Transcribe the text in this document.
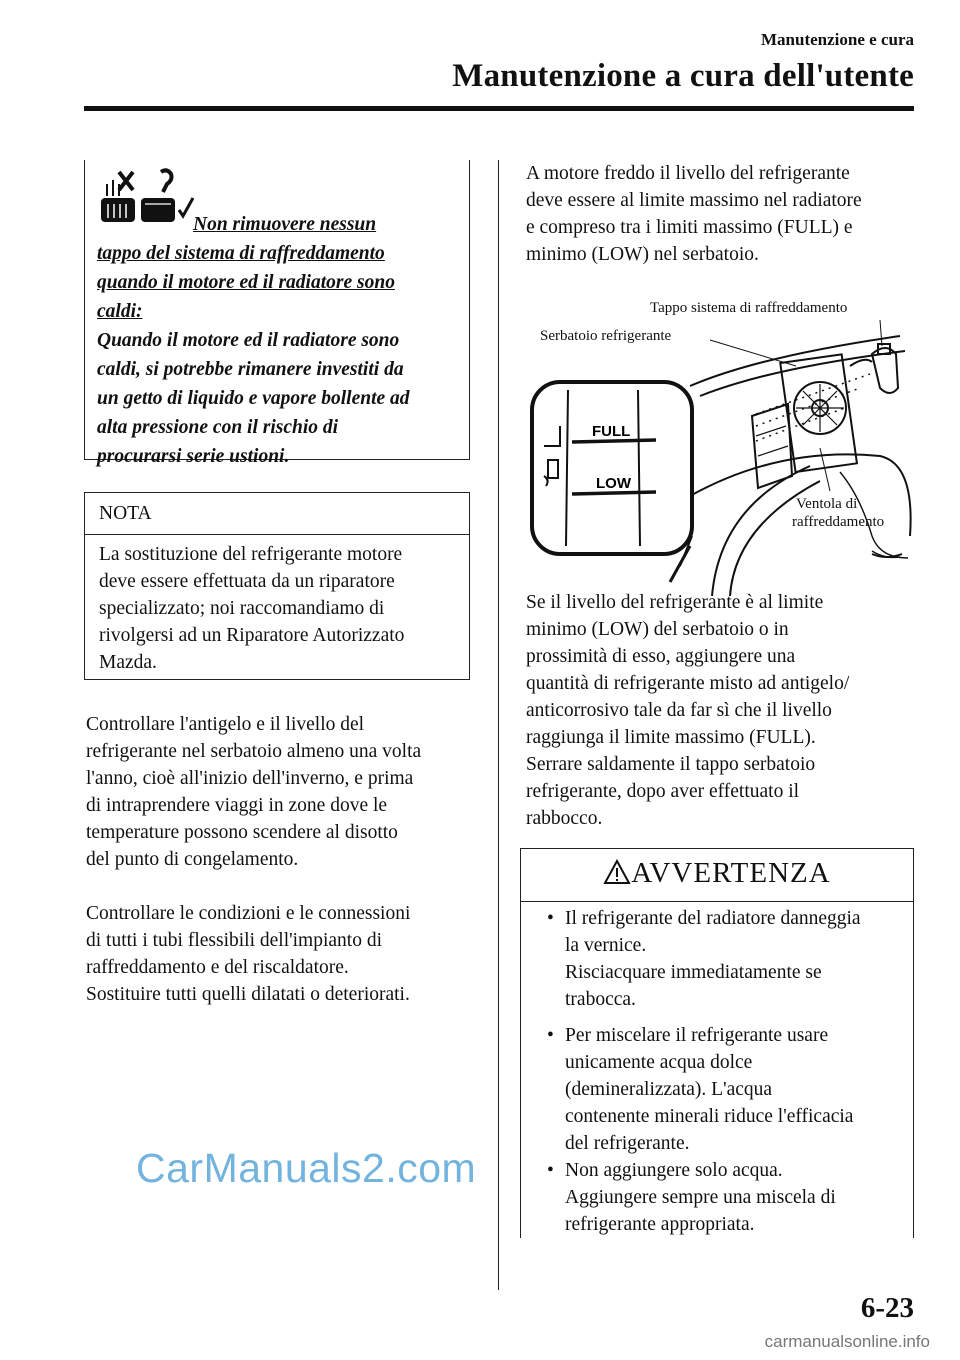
Manutenzione e cura
Manutenzione a cura dell'utente
Non rimuovere nessun
tappo del sistema di raffreddamento
quando il motore ed il radiatore sono
caldi:
Quando il motore ed il radiatore sono
caldi, si potrebbe rimanere investiti da
un getto di liquido e vapore bollente ad
alta pressione con il rischio di
procurarsi serie ustioni.
NOTA
La sostituzione del refrigerante motore
deve essere effettuata da un riparatore
specializzato; noi raccomandiamo di
rivolgersi ad un Riparatore Autorizzato
Mazda.
Controllare l'antigelo e il livello del
refrigerante nel serbatoio almeno una volta
l'anno, cioè all'inizio dell'inverno, e prima
di intraprendere viaggi in zone dove le
temperature possono scendere al disotto
del punto di congelamento.
Controllare le condizioni e le connessioni
di tutti i tubi flessibili dell'impianto di
raffreddamento e del riscaldatore.
Sostituire tutti quelli dilatati o deteriorati.
A motore freddo il livello del refrigerante
deve essere al limite massimo nel radiatore
e compreso tra i limiti massimo (FULL) e
minimo (LOW) nel serbatoio.
FULL
LOW
Tappo sistema di raffreddamento
Serbatoio refrigerante
Ventola di
raffreddamento
Se il livello del refrigerante è al limite
minimo (LOW) del serbatoio o in
prossimità di esso, aggiungere una
quantità di refrigerante misto ad antigelo/
anticorrosivo tale da far sì che il livello
raggiunga il limite massimo (FULL).
Serrare saldamente il tappo serbatoio
refrigerante, dopo aver effettuato il
rabbocco.
AVVERTENZA
• Il refrigerante del radiatore danneggia
la vernice.
Risciacquare immediatamente se
trabocca.
• Per miscelare il refrigerante usare
unicamente acqua dolce
(demineralizzata). L'acqua
contenente minerali riduce l'efficacia
del refrigerante.
• Non aggiungere solo acqua.
Aggiungere sempre una miscela di
refrigerante appropriata.
CarManuals2.com
6-23
carmanualsonline.info
